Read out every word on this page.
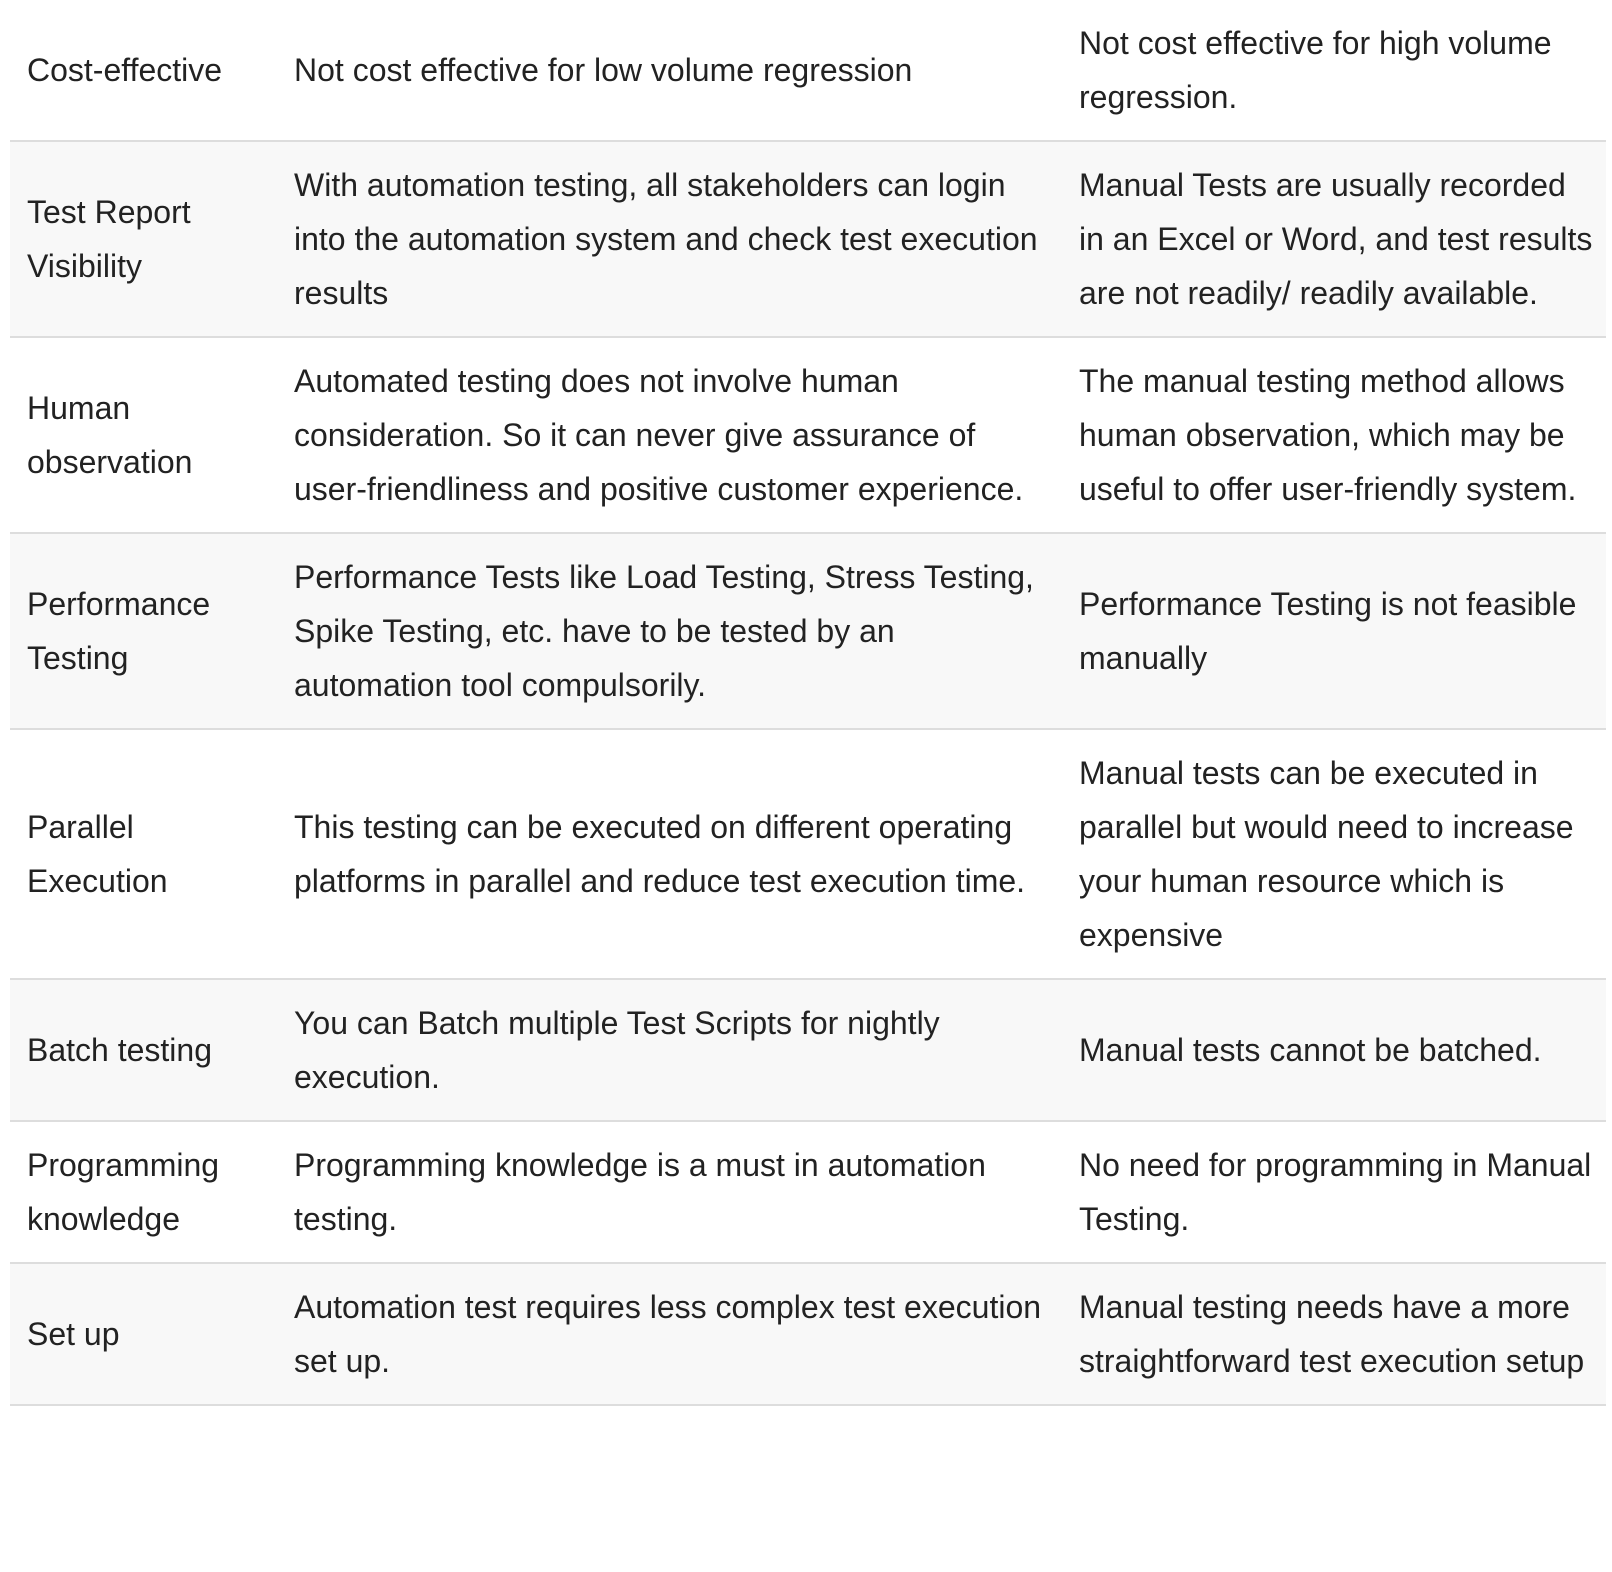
Cost-effective	Not cost effective for low volume regression	Not cost effective for high volume regression.
Test Report Visibility	With automation testing, all stakeholders can login into the automation system and check test execution results	Manual Tests are usually recorded in an Excel or Word, and test results are not readily/ readily available.
Human observation	Automated testing does not involve human consideration. So it can never give assurance of user-friendliness and positive customer experience.	The manual testing method allows human observation, which may be useful to offer user-friendly system.
Performance Testing	Performance Tests like Load Testing, Stress Testing, Spike Testing, etc. have to be tested by an automation tool compulsorily.	Performance Testing is not feasible manually
Parallel Execution	This testing can be executed on different operating platforms in parallel and reduce test execution time.	Manual tests can be executed in parallel but would need to increase your human resource which is expensive
Batch testing	You can Batch multiple Test Scripts for nightly execution.	Manual tests cannot be batched.
Programming knowledge	Programming knowledge is a must in automation testing.	No need for programming in Manual Testing.
Set up	Automation test requires less complex test execution set up.	Manual testing needs have a more straightforward test execution setup
